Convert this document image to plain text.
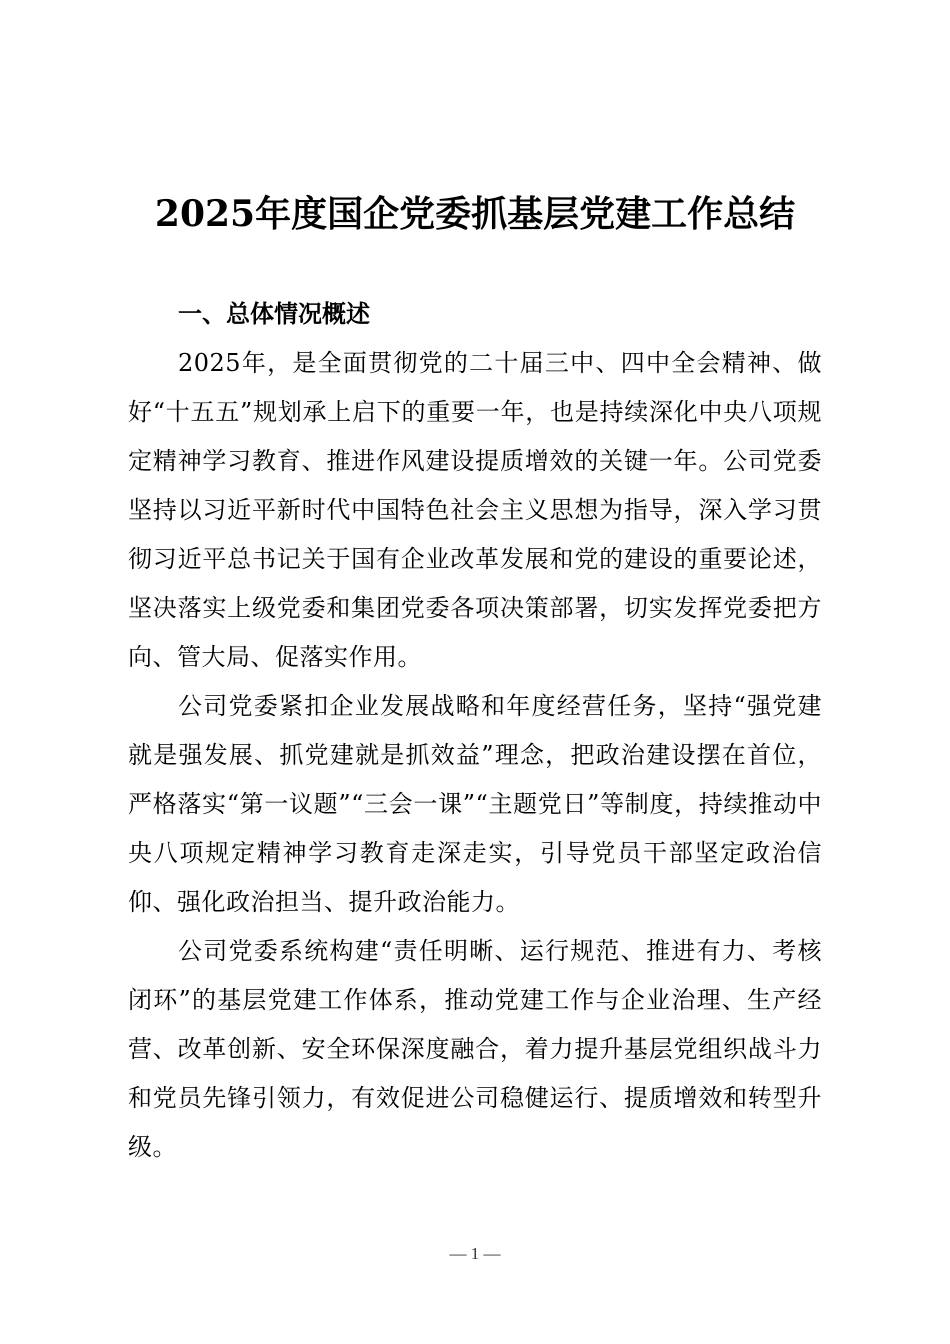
2025年度国企党委抓基层党建工作总结

一、总体情况概述

2025年，是全面贯彻党的二十届三中、四中全会精神、做好“十五五”规划承上启下的重要一年，也是持续深化中央八项规定精神学习教育、推进作风建设提质增效的关键一年。公司党委坚持以习近平新时代中国特色社会主义思想为指导，深入学习贯彻习近平总书记关于国有企业改革发展和党的建设的重要论述，坚决落实上级党委和集团党委各项决策部署，切实发挥党委把方向、管大局、促落实作用。

公司党委紧扣企业发展战略和年度经营任务，坚持“强党建就是强发展、抓党建就是抓效益”理念，把政治建设摆在首位，严格落实“第一议题”“三会一课”“主题党日”等制度，持续推动中央八项规定精神学习教育走深走实，引导党员干部坚定政治信仰、强化政治担当、提升政治能力。

公司党委系统构建“责任明晰、运行规范、推进有力、考核闭环”的基层党建工作体系，推动党建工作与企业治理、生产经营、改革创新、安全环保深度融合，着力提升基层党组织战斗力和党员先锋引领力，有效促进公司稳健运行、提质增效和转型升级。

— 1 —
